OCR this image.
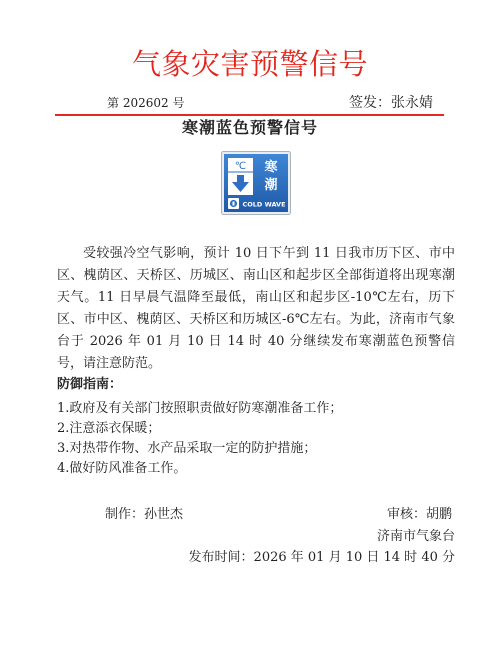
气象灾害预警信号
第 202602 号	签发：张永婧
寒潮蓝色预警信号
℃ 寒
潮
COLD WAVE

受较强冷空气影响，预计 10 日下午到 11 日我市历下区、市中区、槐荫区、天桥区、历城区、南山区和起步区全部街道将出现寒潮天气。11 日早晨气温降至最低，南山区和起步区-10℃左右，历下区、市中区、槐荫区、天桥区和历城区-6℃左右。为此，济南市气象台于 2026 年 01 月 10 日 14 时 40 分继续发布寒潮蓝色预警信号，请注意防范。

防御指南：
1.政府及有关部门按照职责做好防寒潮准备工作；
2.注意添衣保暖；
3.对热带作物、水产品采取一定的防护措施；
4.做好防风准备工作。
制作：孙世杰	审核：胡鹏
济南市气象台
发布时间：2026 年 01 月 10 日 14 时 40 分
